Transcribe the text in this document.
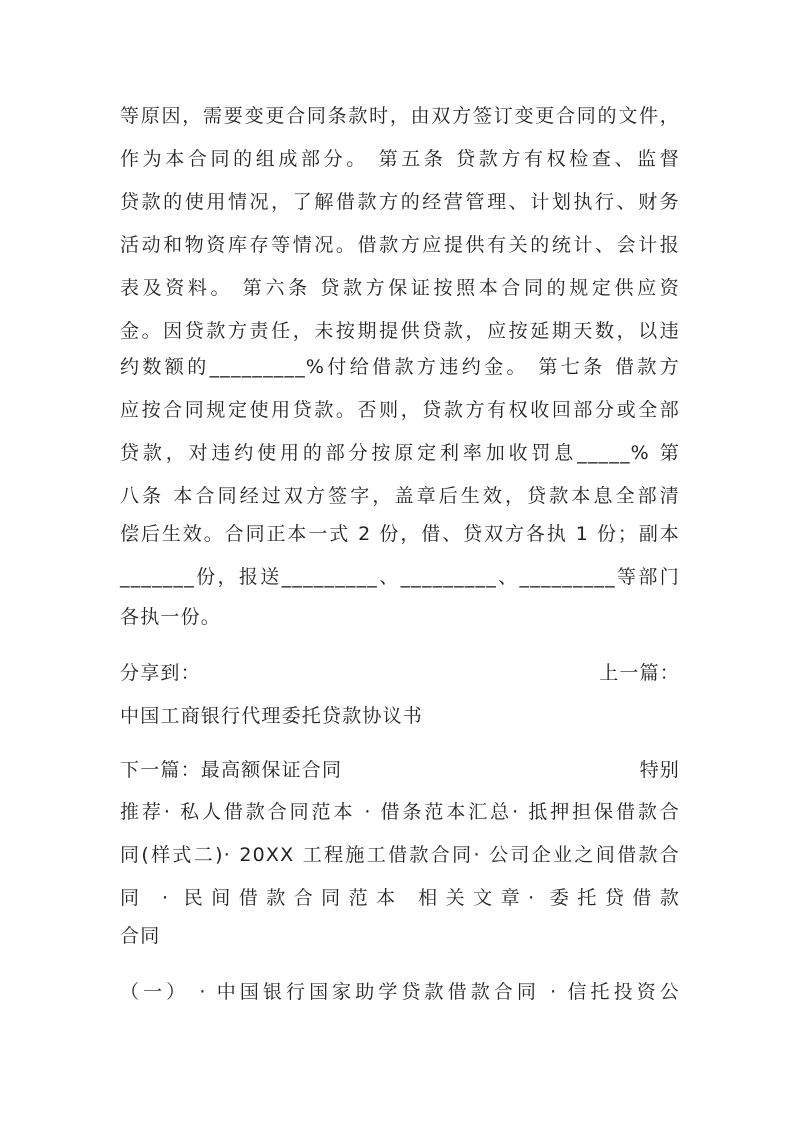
等原因，需要变更合同条款时，由双方签订变更合同的文件，
作为本合同的组成部分。 第五条 贷款方有权检查、监督
贷款的使用情况，了解借款方的经营管理、计划执行、财务
活动和物资库存等情况。借款方应提供有关的统计、会计报
表及资料。 第六条 贷款方保证按照本合同的规定供应资
金。因贷款方责任，未按期提供贷款，应按延期天数，以违
约数额的_________%付给借款方违约金。 第七条 借款方
应按合同规定使用贷款。否则，贷款方有权收回部分或全部
贷款，对违约使用的部分按原定利率加收罚息_____% 第
八条 本合同经过双方签字，盖章后生效，贷款本息全部清
偿后生效。合同正本一式 2 份，借、贷双方各执 1 份；副本
_______份，报送_________、_________、_________等部门
各执一份。
分享到：	上一篇：
中国工商银行代理委托贷款协议书
下一篇：最高额保证合同	特别
推荐· 私人借款合同范本 · 借条范本汇总· 抵押担保借款合
同(样式二)· 20XX 工程施工借款合同· 公司企业之间借款合
同 · 民间借款合同范本 相关文章· 委托贷借款
合同
（一） · 中国银行国家助学贷款借款合同 · 信托投资公
